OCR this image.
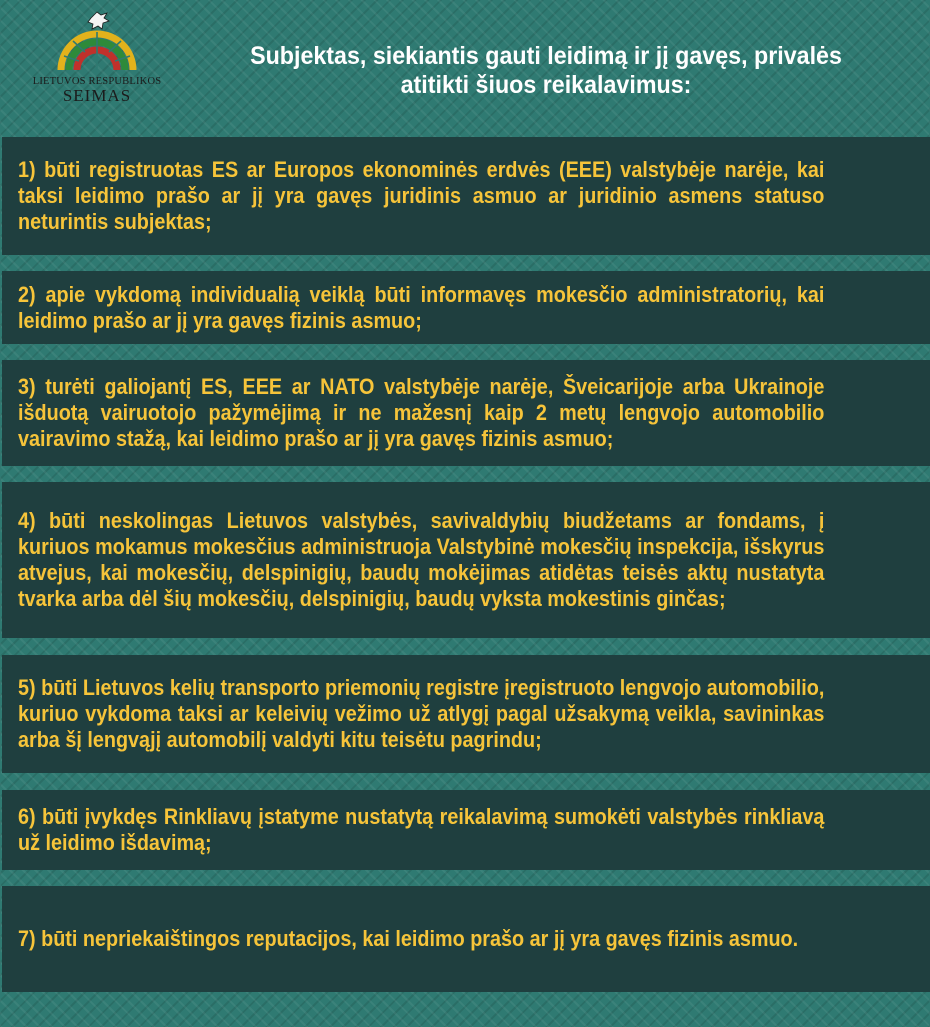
LIETUVOS RESPUBLIKOS
SEIMAS
Subjektas, siekiantis gauti leidimą ir jį gavęs, privalės atitikti šiuos reikalavimus:
1) būti registruotas ES ar Europos ekonominės erdvės (EEE) valstybėje narėje, kai taksi leidimo prašo ar jį yra gavęs juridinis asmuo ar juridinio asmens statuso neturintis subjektas;
2) apie vykdomą individualią veiklą būti informavęs mokesčio administratorių, kai leidimo prašo ar jį yra gavęs fizinis asmuo;
3) turėti galiojantį ES, EEE ar NATO valstybėje narėje, Šveicarijoje arba Ukrainoje išduotą vairuotojo pažymėjimą ir ne mažesnį kaip 2 metų lengvojo automobilio vairavimo stažą, kai leidimo prašo ar jį yra gavęs fizinis asmuo;
4) būti neskolingas Lietuvos valstybės, savivaldybių biudžetams ar fondams, į kuriuos mokamus mokesčius administruoja Valstybinė mokesčių inspekcija, išskyrus atvejus, kai mokesčių, delspinigių, baudų mokėjimas atidėtas teisės aktų nustatyta tvarka arba dėl šių mokesčių, delspinigių, baudų vyksta mokestinis ginčas;
5) būti Lietuvos kelių transporto priemonių registre įregistruoto lengvojo automobilio, kuriuo vykdoma taksi ar keleivių vežimo už atlygį pagal užsakymą veikla, savininkas arba šį lengvąjį automobilį valdyti kitu teisėtu pagrindu;
6) būti įvykdęs Rinkliavų įstatyme nustatytą reikalavimą sumokėti valstybės rinkliavą už leidimo išdavimą;
7) būti nepriekaištingos reputacijos, kai leidimo prašo ar jį yra gavęs fizinis asmuo.
